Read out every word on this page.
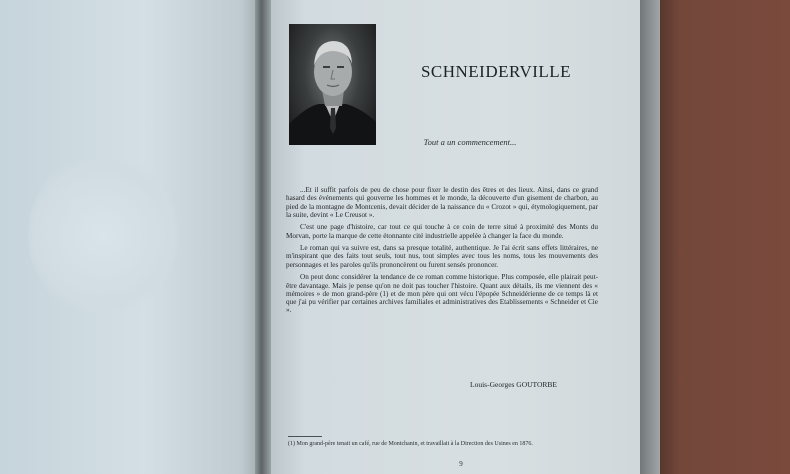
SCHNEIDERVILLE
Tout a un commencement...

...Et il suffit parfois de peu de chose pour fixer le destin des êtres et des lieux. Ainsi, dans ce grand hasard des événements qui gouverne les hommes et le monde, la découverte d'un gisement de charbon, au pied de la montagne de Montcenis, devait décider de la naissance du « Crozot » qui, étymologiquement, par la suite, devint « Le Creusot ».

C'est une page d'histoire, car tout ce qui touche à ce coin de terre situé à proximité des Monts du Morvan, porte la marque de cette étonnante cité industrielle appelée à changer la face du monde.

Le roman qui va suivre est, dans sa presque totalité, authentique. Je l'ai écrit sans effets littéraires, ne m'inspirant que des faits tout seuls, tout nus, tout simples avec tous les noms, tous les mouvements des personnages et les paroles qu'ils prononcèrent ou furent sensés prononcer.

On peut donc considérer la tendance de ce roman comme historique. Plus composée, elle plairait peut-être davantage. Mais je pense qu'on ne doit pas toucher l'histoire. Quant aux détails, ils me viennent des « mémoires » de mon grand-père (1) et de mon père qui ont vécu l'épopée Schneidérienne de ce temps là et que j'ai pu vérifier par certaines archives familiales et administratives des Etablissements « Schneider et Cie ».

Louis-Georges GOUTORBE
(1) Mon grand-père tenait un café, rue de Montchanin, et travaillait à la Direction des Usines en 1876.
9
